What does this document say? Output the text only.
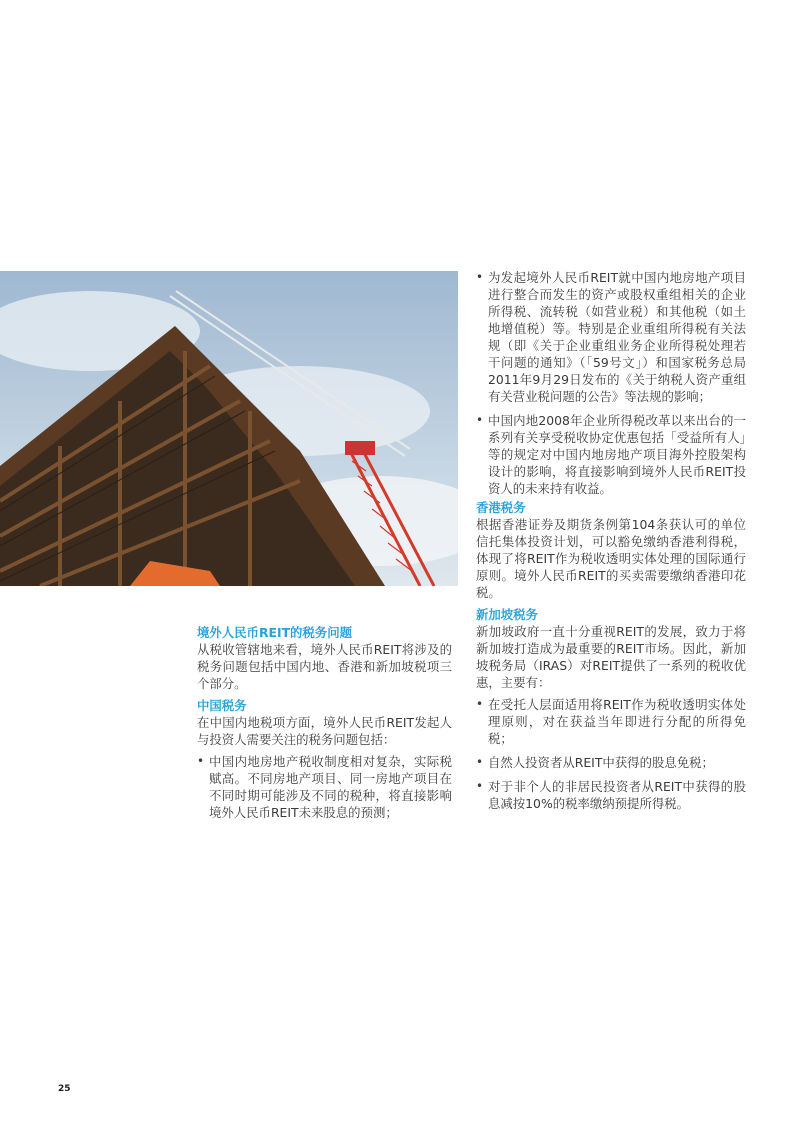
境外人民币REIT的税务问题

从税收管辖地来看，境外人民币REIT将涉及的税务问题包括中国内地、香港和新加坡税项三个部分。

中国税务

在中国内地税项方面，境外人民币REIT发起人与投资人需要关注的税务问题包括：

• 中国内地房地产税收制度相对复杂，实际税赋高。不同房地产项目、同一房地产项目在不同时期可能涉及不同的税种，将直接影响境外人民币REIT未来股息的预测；
• 为发起境外人民币REIT就中国内地房地产项目进行整合而发生的资产或股权重组相关的企业所得税、流转税（如营业税）和其他税（如土地增值税）等。特别是企业重组所得税有关法规（即《关于企业重组业务企业所得税处理若干问题的通知》（「59号文」）和国家税务总局2011年9月29日发布的《关于纳税人资产重组有关营业税问题的公告》等法规的影响；
• 中国内地2008年企业所得税改革以来出台的一系列有关享受税收协定优惠包括「受益所有人」等的规定对中国内地房地产项目海外控股架构设计的影响，将直接影响到境外人民币REIT投资人的未来持有收益。

香港税务

根据香港证券及期货条例第104条获认可的单位信托集体投资计划，可以豁免缴纳香港利得税，体现了将REIT作为税收透明实体处理的国际通行原则。境外人民币REIT的买卖需要缴纳香港印花税。

新加坡税务

新加坡政府一直十分重视REIT的发展，致力于将新加坡打造成为最重要的REIT市场。因此，新加坡税务局（IRAS）对REIT提供了一系列的税收优惠，主要有：

• 在受托人层面适用将REIT作为税收透明实体处理原则，对在获益当年即进行分配的所得免税；
• 自然人投资者从REIT中获得的股息免税；
• 对于非个人的非居民投资者从REIT中获得的股息减按10%的税率缴纳预提所得税。
25
